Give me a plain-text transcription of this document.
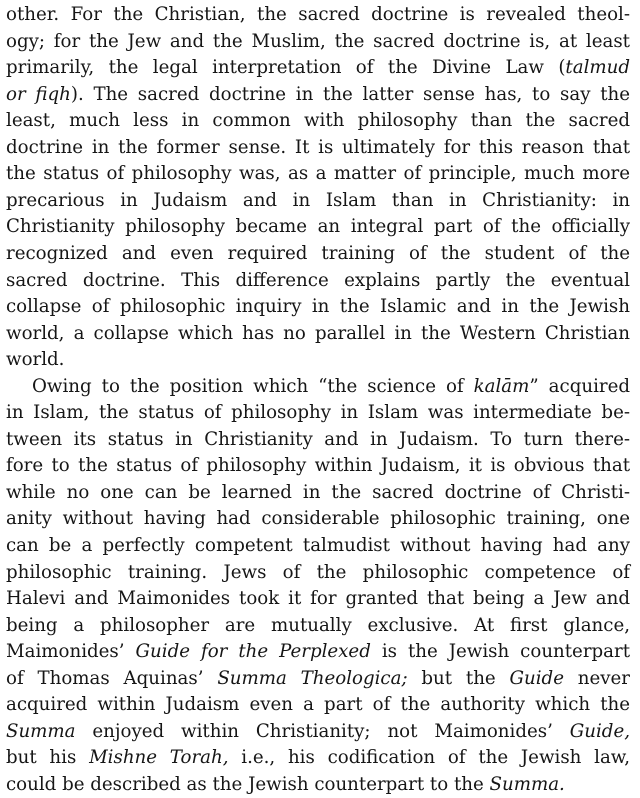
other. For the Christian, the sacred doctrine is revealed theol-
ogy; for the Jew and the Muslim, the sacred doctrine is, at least
primarily, the legal interpretation of the Divine Law (talmud
or fiqh). The sacred doctrine in the latter sense has, to say the
least, much less in common with philosophy than the sacred
doctrine in the former sense. It is ultimately for this reason that
the status of philosophy was, as a matter of principle, much more
precarious in Judaism and in Islam than in Christianity: in
Christianity philosophy became an integral part of the officially
recognized and even required training of the student of the
sacred doctrine. This difference explains partly the eventual
collapse of philosophic inquiry in the Islamic and in the Jewish
world, a collapse which has no parallel in the Western Christian
world.
Owing to the position which “the science of kalām” acquired
in Islam, the status of philosophy in Islam was intermediate be-
tween its status in Christianity and in Judaism. To turn there-
fore to the status of philosophy within Judaism, it is obvious that
while no one can be learned in the sacred doctrine of Christi-
anity without having had considerable philosophic training, one
can be a perfectly competent talmudist without having had any
philosophic training. Jews of the philosophic competence of
Halevi and Maimonides took it for granted that being a Jew and
being a philosopher are mutually exclusive. At first glance,
Maimonides’ Guide for the Perplexed is the Jewish counterpart
of Thomas Aquinas’ Summa Theologica; but the Guide never
acquired within Judaism even a part of the authority which the
Summa enjoyed within Christianity; not Maimonides’ Guide,
but his Mishne Torah, i.e., his codification of the Jewish law,
could be described as the Jewish counterpart to the Summa.
